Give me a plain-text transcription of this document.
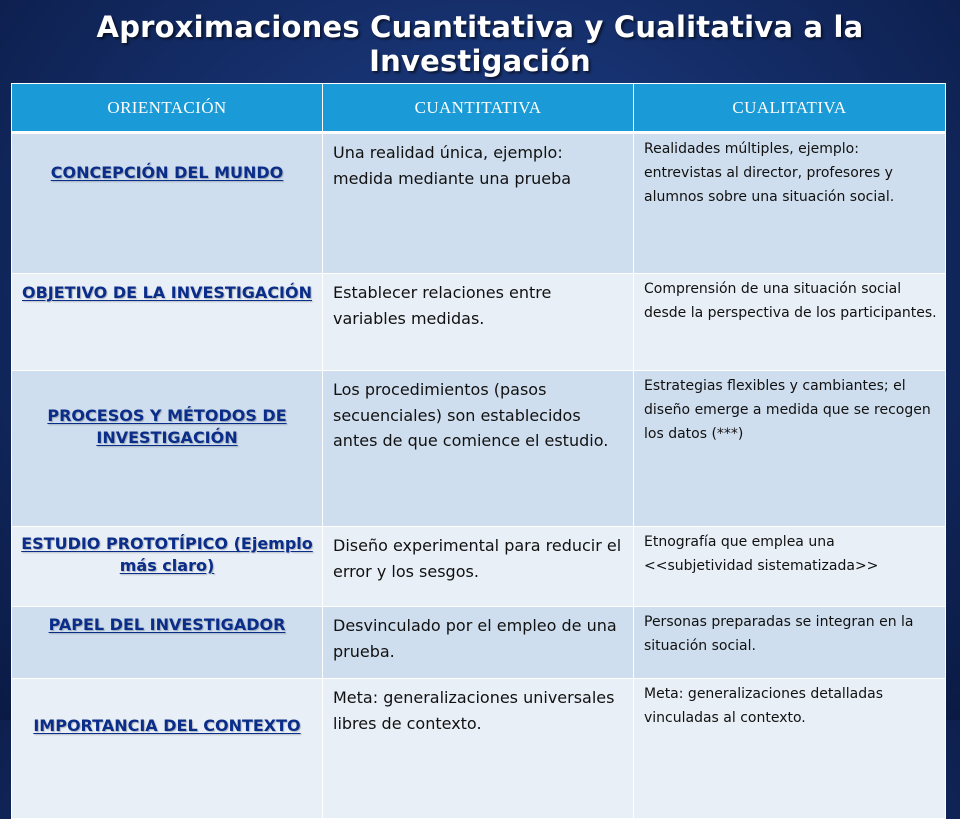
Aproximaciones Cuantitativa y Cualitativa a la Investigación
ORIENTACIÓN	CUANTITATIVA	CUALITATIVA
CONCEPCIÓN DEL MUNDO	Una realidad única, ejemplo: medida mediante una prueba	Realidades múltiples, ejemplo: entrevistas al director, profesores y alumnos sobre una situación social.
OBJETIVO DE LA INVESTIGACIÓN	Establecer relaciones entre variables medidas.	Comprensión de una situación social desde la perspectiva de los participantes.
PROCESOS Y MÉTODOS DE INVESTIGACIÓN	Los procedimientos (pasos secuenciales) son establecidos antes de que comience el estudio.	Estrategias flexibles y cambiantes; el diseño emerge a medida que se recogen los datos (***)
ESTUDIO PROTOTÍPICO (Ejemplo más claro)	Diseño experimental para reducir el error y los sesgos.	Etnografía que emplea una <<subjetividad sistematizada>>
PAPEL DEL INVESTIGADOR	Desvinculado por el empleo de una prueba.	Personas preparadas se integran en la situación social.
IMPORTANCIA DEL CONTEXTO	Meta: generalizaciones universales libres de contexto.	Meta: generalizaciones detalladas vinculadas al contexto.
